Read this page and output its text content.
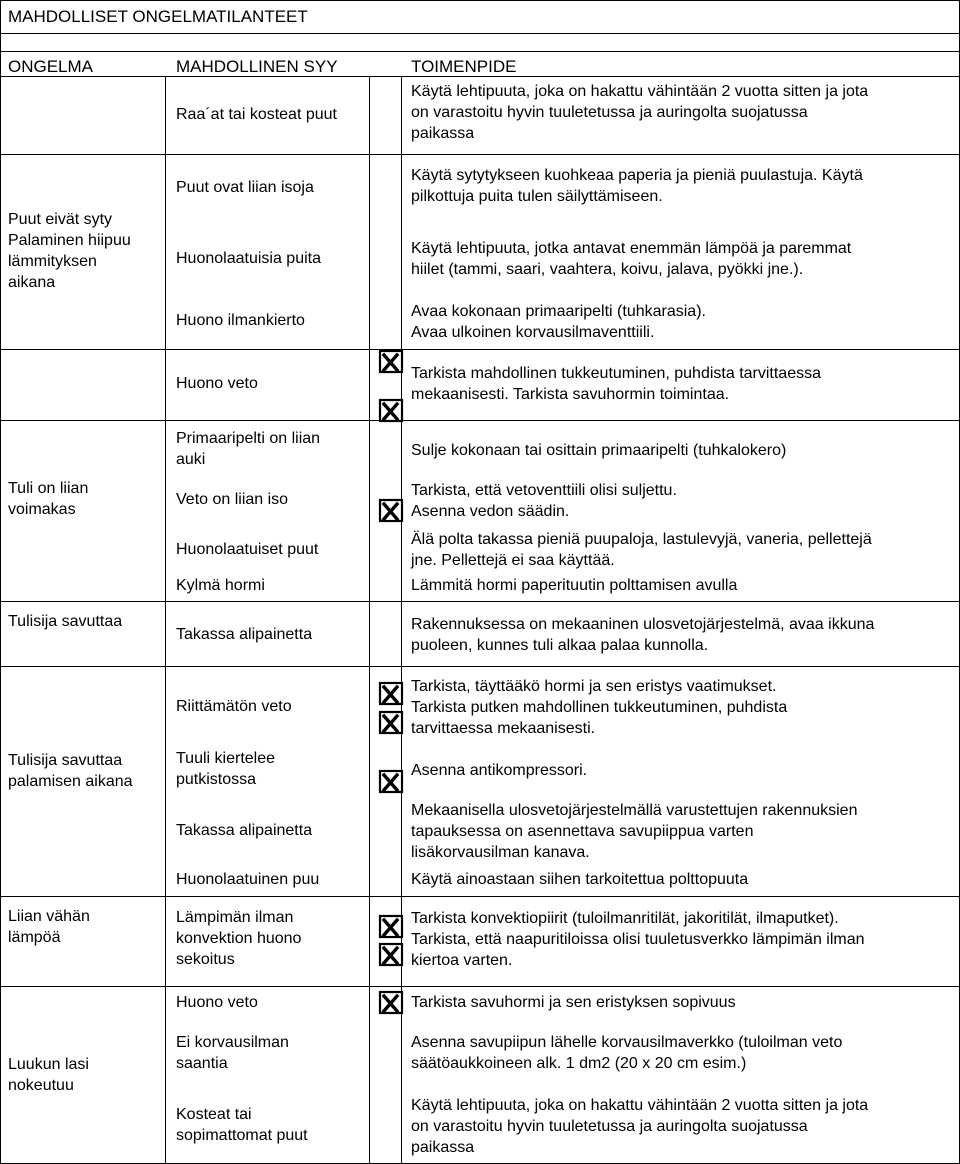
MAHDOLLISET ONGELMATILANTEET
ONGELMA	MAHDOLLINEN SYY	TOIMENPIDE
Puut eivät syty
Palaminen hiipuu
lämmityksen
aikana
Tuli on liian
voimakas
Tulisija savuttaa
Tulisija savuttaa
palamisen aikana
Liian vähän
lämpöä
Luukun lasi
nokeutuu
Raa´at tai kosteat puut
Puut ovat liian isoja
Huonolaatuisia puita
Huono ilmankierto
Huono veto
Primaaripelti on liian
auki
Veto on liian iso
Huonolaatuiset puut
Kylmä hormi
Takassa alipainetta
Riittämätön veto
Tuuli kiertelee
putkistossa
Takassa alipainetta
Huonolaatuinen puu
Lämpimän ilman
konvektion huono
sekoitus
Huono veto
Ei korvausilman
saantia
Kosteat tai
sopimattomat puut
Käytä lehtipuuta, joka on hakattu vähintään 2 vuotta sitten ja jota
on varastoitu hyvin tuuletetussa ja auringolta suojatussa
paikassa
Käytä sytytykseen kuohkeaa paperia ja pieniä puulastuja. Käytä
pilkottuja puita tulen säilyttämiseen.
Käytä lehtipuuta, jotka antavat enemmän lämpöä ja paremmat
hiilet (tammi, saari, vaahtera, koivu, jalava, pyökki jne.).
Avaa kokonaan primaaripelti (tuhkarasia).
Avaa ulkoinen korvausilmaventtiili.
Tarkista mahdollinen tukkeutuminen, puhdista tarvittaessa
mekaanisesti. Tarkista savuhormin toimintaa.
Sulje kokonaan tai osittain primaaripelti (tuhkalokero)
Tarkista, että vetoventtiili olisi suljettu.
Asenna vedon säädin.
Älä polta takassa pieniä puupaloja, lastulevyjä, vaneria, pellettejä
jne. Pellettejä ei saa käyttää.
Lämmitä hormi paperituutin polttamisen avulla
Rakennuksessa on mekaaninen ulosvetojärjestelmä, avaa ikkuna
puoleen, kunnes tuli alkaa palaa kunnolla.
Tarkista, täyttääkö hormi ja sen eristys vaatimukset.
Tarkista putken mahdollinen tukkeutuminen, puhdista
tarvittaessa mekaanisesti.
Asenna antikompressori.
Mekaanisella ulosvetojärjestelmällä varustettujen rakennuksien
tapauksessa on asennettava savupiippua varten
lisäkorvausilman kanava.
Käytä ainoastaan siihen tarkoitettua polttopuuta
Tarkista konvektiopiirit (tuloilmanritilät, jakoritilät, ilmaputket).
Tarkista, että naapuritiloissa olisi tuuletusverkko lämpimän ilman
kiertoa varten.
Tarkista savuhormi ja sen eristyksen sopivuus
Asenna savupiipun lähelle korvausilmaverkko (tuloilman veto
säätöaukkoineen alk. 1 dm2 (20 x 20 cm esim.)
Käytä lehtipuuta, joka on hakattu vähintään 2 vuotta sitten ja jota
on varastoitu hyvin tuuletetussa ja auringolta suojatussa
paikassa
